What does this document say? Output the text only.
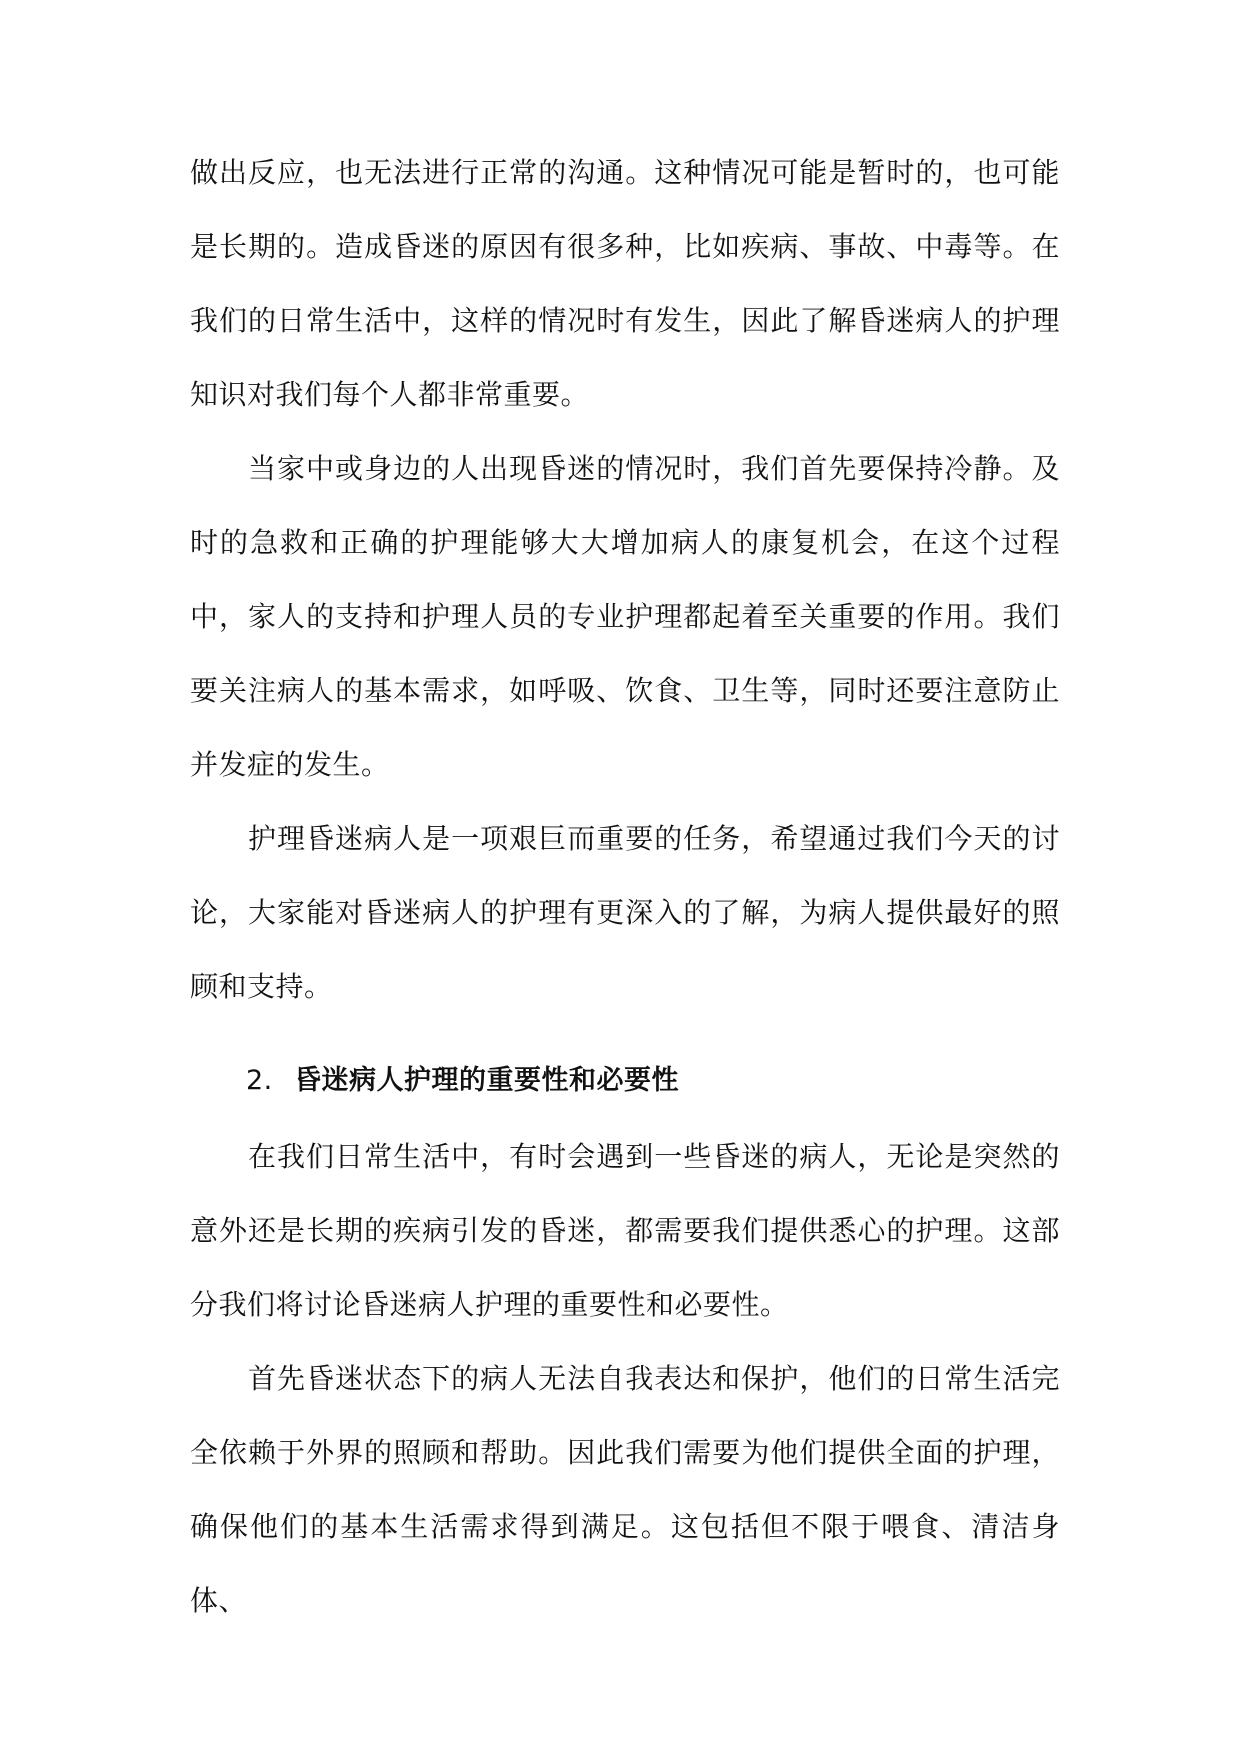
做出反应，也无法进行正常的沟通。这种情况可能是暂时的，也可能是长期的。造成昏迷的原因有很多种，比如疾病、事故、中毒等。在我们的日常生活中，这样的情况时有发生，因此了解昏迷病人的护理知识对我们每个人都非常重要。

当家中或身边的人出现昏迷的情况时，我们首先要保持冷静。及时的急救和正确的护理能够大大增加病人的康复机会，在这个过程中，家人的支持和护理人员的专业护理都起着至关重要的作用。我们要关注病人的基本需求，如呼吸、饮食、卫生等，同时还要注意防止并发症的发生。

护理昏迷病人是一项艰巨而重要的任务，希望通过我们今天的讨论，大家能对昏迷病人的护理有更深入的了解，为病人提供最好的照顾和支持。

2. 昏迷病人护理的重要性和必要性

在我们日常生活中，有时会遇到一些昏迷的病人，无论是突然的意外还是长期的疾病引发的昏迷，都需要我们提供悉心的护理。这部分我们将讨论昏迷病人护理的重要性和必要性。

首先昏迷状态下的病人无法自我表达和保护，他们的日常生活完全依赖于外界的照顾和帮助。因此我们需要为他们提供全面的护理，确保他们的基本生活需求得到满足。这包括但不限于喂食、清洁身体、
